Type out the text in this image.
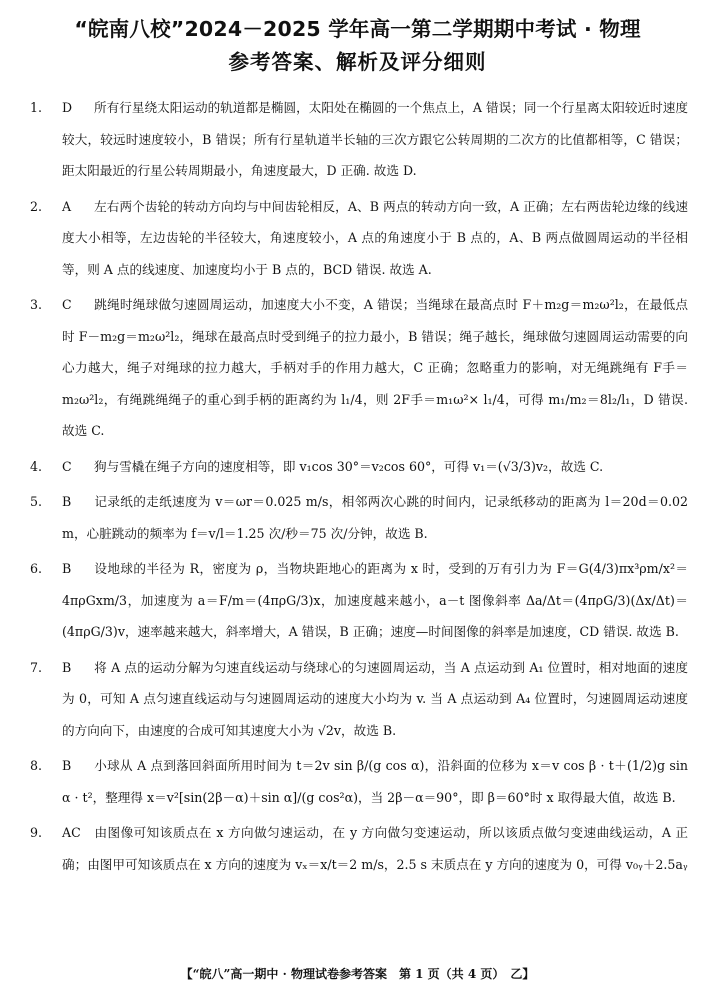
“皖南八校”2024－2025 学年高一第二学期期中考试 · 物理
参考答案、解析及评分细则

1. D 所有行星绕太阳运动的轨道都是椭圆，太阳处在椭圆的一个焦点上，A 错误；同一个行星离太阳较近时速度较大，较远时速度较小，B 错误；所有行星轨道半长轴的三次方跟它公转周期的二次方的比值都相等，C 错误；距太阳最近的行星公转周期最小，角速度最大，D 正确. 故选 D.

2. A 左右两个齿轮的转动方向均与中间齿轮相反，A、B 两点的转动方向一致，A 正确；左右两齿轮边缘的线速度大小相等，左边齿轮的半径较大，角速度较小，A 点的角速度小于 B 点的，A、B 两点做圆周运动的半径相等，则 A 点的线速度、加速度均小于 B 点的，BCD 错误. 故选 A.

3. C 跳绳时绳球做匀速圆周运动，加速度大小不变，A 错误；当绳球在最高点时 F＋m₂g＝m₂ω²l₂，在最低点时 F－m₂g＝m₂ω²l₂，绳球在最高点时受到绳子的拉力最小，B 错误；绳子越长，绳球做匀速圆周运动需要的向心力越大，绳子对绳球的拉力越大，手柄对手的作用力越大，C 正确；忽略重力的影响，对无绳跳绳有 F手＝m₂ω²l₂，有绳跳绳绳子的重心到手柄的距离约为 l₁/4，则 2F手＝m₁ω²× l₁/4，可得 m₁/m₂＝8l₂/l₁，D 错误. 故选 C.

4. C 狗与雪橇在绳子方向的速度相等，即 v₁cos 30°＝v₂cos 60°，可得 v₁＝(√3/3)v₂，故选 C.

5. B 记录纸的走纸速度为 v＝ωr＝0.025 m/s，相邻两次心跳的时间内，记录纸移动的距离为 l＝20d＝0.02 m，心脏跳动的频率为 f＝v/l＝1.25 次/秒＝75 次/分钟，故选 B.

6. B 设地球的半径为 R，密度为 ρ，当物块距地心的距离为 x 时，受到的万有引力为 F＝G(4/3)πx³ρm/x²＝4πρGxm/3，加速度为 a＝F/m＝(4πρG/3)x，加速度越来越小，a－t 图像斜率 Δa/Δt＝(4πρG/3)(Δx/Δt)＝(4πρG/3)v，速率越来越大，斜率增大，A 错误，B 正确；速度—时间图像的斜率是加速度，CD 错误. 故选 B.

7. B 将 A 点的运动分解为匀速直线运动与绕球心的匀速圆周运动，当 A 点运动到 A₁ 位置时，相对地面的速度为 0，可知 A 点匀速直线运动与匀速圆周运动的速度大小均为 v. 当 A 点运动到 A₄ 位置时，匀速圆周运动速度的方向向下，由速度的合成可知其速度大小为 √2v，故选 B.

8. B 小球从 A 点到落回斜面所用时间为 t＝2v sin β/(g cos α)，沿斜面的位移为 x＝v cos β · t＋(1/2)g sin α · t²，整理得 x＝v²[sin(2β－α)＋sin α]/(g cos²α)，当 2β－α＝90°，即 β＝60°时 x 取得最大值，故选 B.

9. AC 由图像可知该质点在 x 方向做匀速运动，在 y 方向做匀变速运动，所以该质点做匀变速曲线运动，A 正确；由图甲可知该质点在 x 方向的速度为 vₓ＝x/t＝2 m/s，2.5 s 末质点在 y 方向的速度为 0，可得 v₀ᵧ＋2.5aᵧ

【“皖八”高一期中 · 物理试卷参考答案　第 1 页（共 4 页）　乙】
